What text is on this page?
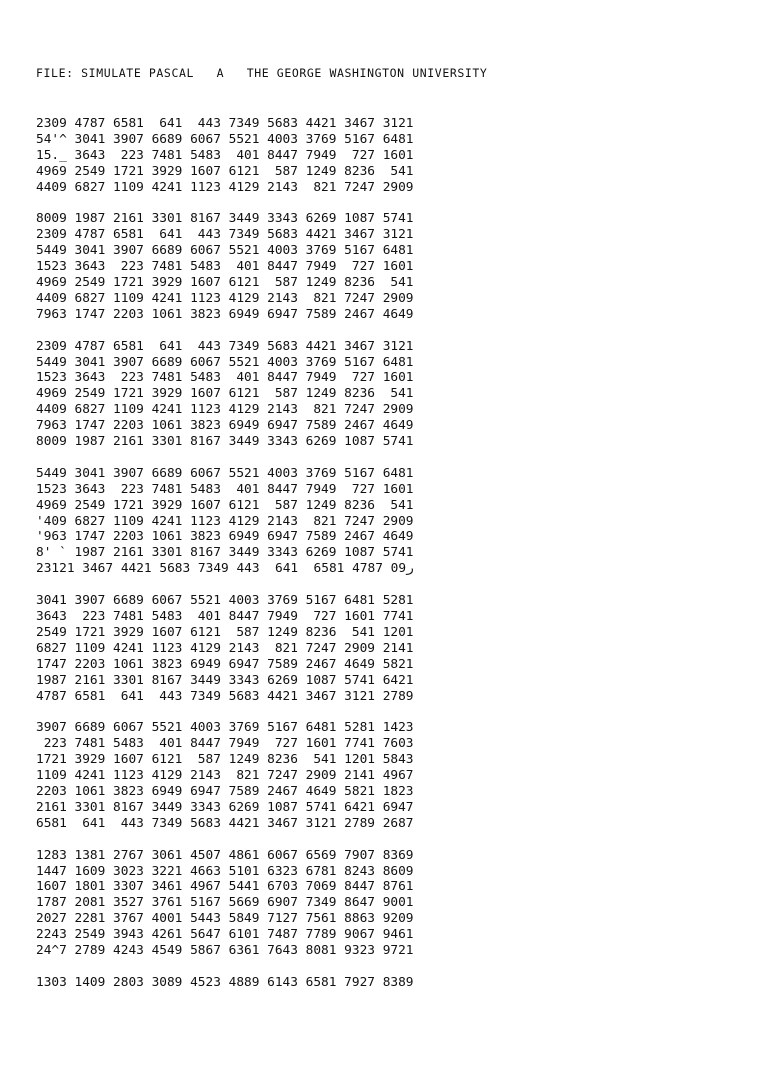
FILE: SIMULATE PASCAL A THE GEORGE WASHINGTON UNIVERSITY
2309 4787 6581  641  443 7349 5683 4421 3467 3121
54'^ 3041 3907 6689 6067 5521 4003 3769 5167 6481
15._ 3643  223 7481 5483  401 8447 7949  727 1601
4969 2549 1721 3929 1607 6121  587 1249 8236  541
4409 6827 1109 4241 1123 4129 2143  821 7247 2909
8009 1987 2161 3301 8167 3449 3343 6269 1087 5741
2309 4787 6581  641  443 7349 5683 4421 3467 3121
5449 3041 3907 6689 6067 5521 4003 3769 5167 6481
1523 3643  223 7481 5483  401 8447 7949  727 1601
4969 2549 1721 3929 1607 6121  587 1249 8236  541
4409 6827 1109 4241 1123 4129 2143  821 7247 2909
7963 1747 2203 1061 3823 6949 6947 7589 2467 4649
2309 4787 6581  641  443 7349 5683 4421 3467 3121
5449 3041 3907 6689 6067 5521 4003 3769 5167 6481
1523 3643  223 7481 5483  401 8447 7949  727 1601
4969 2549 1721 3929 1607 6121  587 1249 8236  541
4409 6827 1109 4241 1123 4129 2143  821 7247 2909
7963 1747 2203 1061 3823 6949 6947 7589 2467 4649
8009 1987 2161 3301 8167 3449 3343 6269 1087 5741
5449 3041 3907 6689 6067 5521 4003 3769 5167 6481
1523 3643  223 7481 5483  401 8447 7949  727 1601
4969 2549 1721 3929 1607 6121  587 1249 8236  541
'409 6827 1109 4241 1123 4129 2143  821 7247 2909
'963 1747 2203 1061 3823 6949 6947 7589 2467 4649
8' ` 1987 2161 3301 8167 3449 3343 6269 1087 5741
2ر09 4787 6581  641  443 7349 5683 4421 3467 3121
3041 3907 6689 6067 5521 4003 3769 5167 6481 5281
3643  223 7481 5483  401 8447 7949  727 1601 7741
2549 1721 3929 1607 6121  587 1249 8236  541 1201
6827 1109 4241 1123 4129 2143  821 7247 2909 2141
1747 2203 1061 3823 6949 6947 7589 2467 4649 5821
1987 2161 3301 8167 3449 3343 6269 1087 5741 6421
4787 6581  641  443 7349 5683 4421 3467 3121 2789
3907 6689 6067 5521 4003 3769 5167 6481 5281 1423
223 7481 5483  401 8447 7949  727 1601 7741 7603
1721 3929 1607 6121  587 1249 8236  541 1201 5843
1109 4241 1123 4129 2143  821 7247 2909 2141 4967
2203 1061 3823 6949 6947 7589 2467 4649 5821 1823
2161 3301 8167 3449 3343 6269 1087 5741 6421 6947
6581  641  443 7349 5683 4421 3467 3121 2789 2687
1283 1381 2767 3061 4507 4861 6067 6569 7907 8369
1447 1609 3023 3221 4663 5101 6323 6781 8243 8609
1607 1801 3307 3461 4967 5441 6703 7069 8447 8761
1787 2081 3527 3761 5167 5669 6907 7349 8647 9001
2027 2281 3767 4001 5443 5849 7127 7561 8863 9209
2243 2549 3943 4261 5647 6101 7487 7789 9067 9461
24^7 2789 4243 4549 5867 6361 7643 8081 9323 9721
1303 1409 2803 3089 4523 4889 6143 6581 7927 8389
